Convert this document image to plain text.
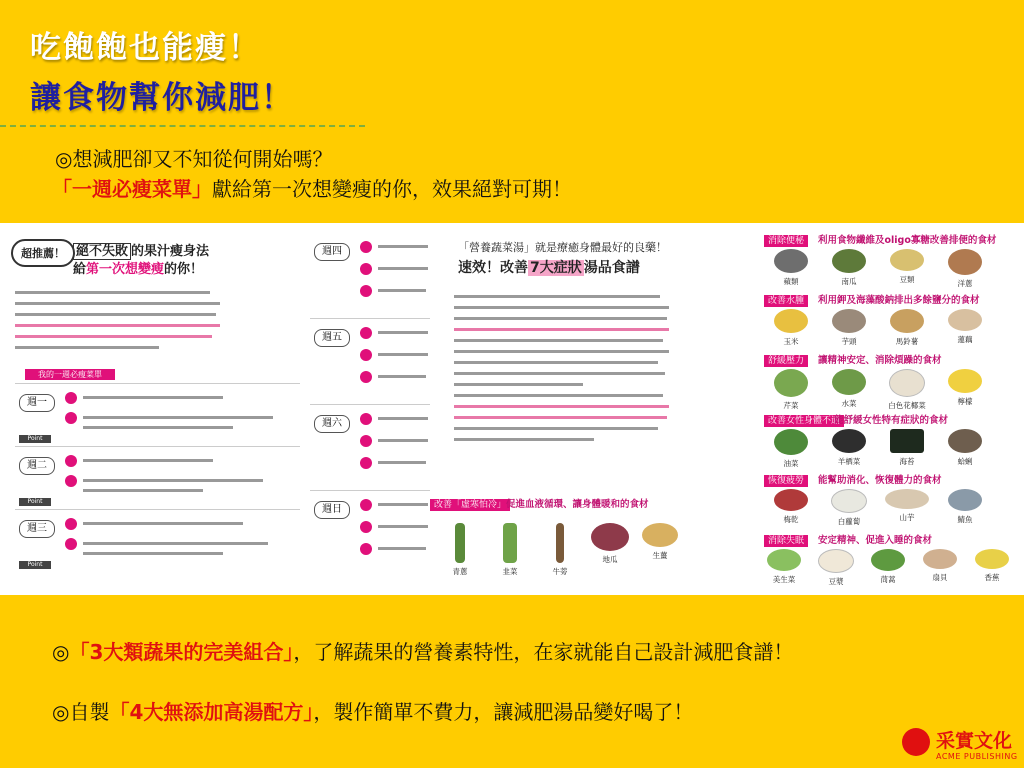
吃飽飽也能瘦！
讓食物幫你減肥！
◎想減肥卻又不知從何開始嗎？
「一週必瘦菜單」獻給第一次想變瘦的你，效果絕對可期！
超推薦！ 絕不失敗 的果汁瘦身法
給第一次想變瘦的你！
我的一週必瘦菜單
週一
Point
週二
Point
週三
Point
週四
週五
週六
週日
「營養蔬菜湯」就是療癒身體最好的良藥！
速效！改善 7大症狀 湯品食譜
改善「虛寒怕冷」 促進血液循環、讓身體暖和的食材
青蔥	韭菜	牛蒡
地瓜	生薑
消除便秘	利用食物纖維及oligo寡糖改善排便的食材
蘋類	南瓜	豆類	洋蔥
改善水腫	利用鉀及海藻酸鈉排出多餘鹽分的食材
玉米	芋頭	馬鈴薯	蓮藕
舒緩壓力	讓精神安定、消除煩躁的食材
芹菜	水菜	白色花椰菜	檸檬
改善女性身體不適
能舒緩女性特有症狀的食材
油菜	羊栖菜	海苔	蛤蜊
恢復疲勞	能幫助消化、恢復體力的食材
梅乾	白蘿蔔	山芋	鯖魚
消除失眠	安定精神、促進入睡的食材
美生菜	豆漿	茼蒿	扇貝	香蕉
◎「3大類蔬果的完美組合」，了解蔬果的營養素特性，在家就能自己設計減肥食譜！
◎自製「4大無添加高湯配方」，製作簡單不費力，讓減肥湯品變好喝了！
采實文化
ACME PUBLISHING
